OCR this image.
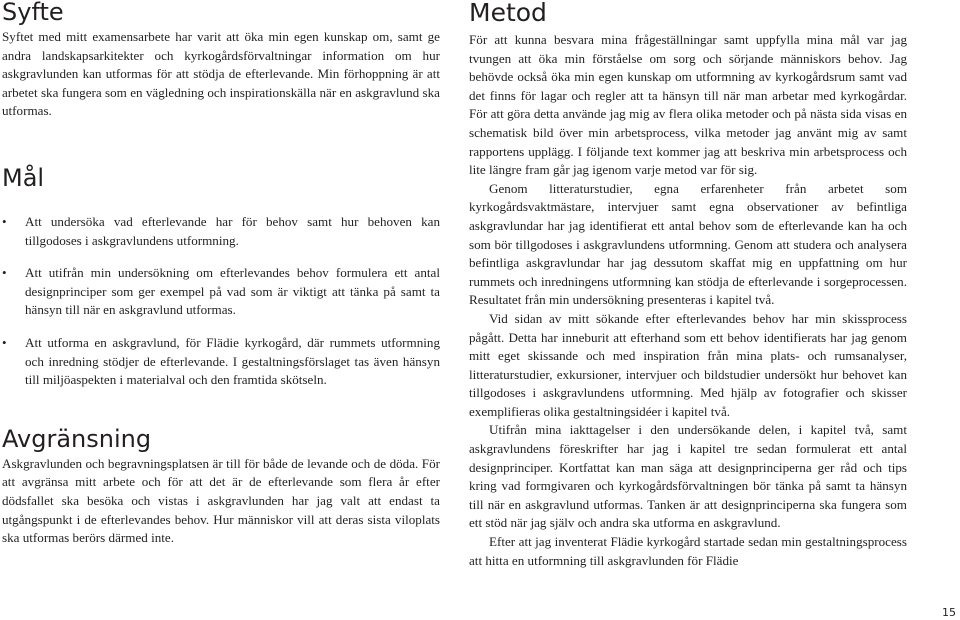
Syfte

Syftet med mitt examensarbete har varit att öka min egen kunskap om, samt ge andra landskapsarkitekter och kyrkogårdsförvaltningar information om hur askgravlunden kan utformas för att stödja de efterlevande. Min förhoppning är att arbetet ska fungera som en vägledning och inspirationskälla när en askgravlund ska utformas.

Mål
• Att undersöka vad efterlevande har för behov samt hur behoven kan tillgodoses i askgravlundens utformning.
• Att utifrån min undersökning om efterlevandes behov formulera ett antal designprinciper som ger exempel på vad som är viktigt att tänka på samt ta hänsyn till när en askgravlund utformas.
• Att utforma en askgravlund, för Flädie kyrkogård, där rummets utformning och inredning stödjer de efterlevande. I gestaltningsförslaget tas även hänsyn till miljöaspekten i materialval och den framtida skötseln.
Avgränsning

Askgravlunden och begravningsplatsen är till för både de levande och de döda. För att avgränsa mitt arbete och för att det är de efterlevande som flera år efter dödsfallet ska besöka och vistas i askgravlunden har jag valt att endast ta utgångspunkt i de efterlevandes behov. Hur människor vill att deras sista viloplats ska utformas berörs därmed inte.

Metod

För att kunna besvara mina frågeställningar samt uppfylla mina mål var jag tvungen att öka min förståelse om sorg och sörjande människors behov. Jag behövde också öka min egen kunskap om utformning av kyrkogårdsrum samt vad det finns för lagar och regler att ta hänsyn till när man arbetar med kyrkogårdar. För att göra detta använde jag mig av flera olika metoder och på nästa sida visas en schematisk bild över min arbetsprocess, vilka metoder jag använt mig av samt rapportens upplägg. I följande text kommer jag att beskriva min arbetsprocess och lite längre fram går jag igenom varje metod var för sig.

Genom litteraturstudier, egna erfarenheter från arbetet som kyrkogårdsvaktmästare, intervjuer samt egna observationer av befintliga askgravlundar har jag identifierat ett antal behov som de efterlevande kan ha och som bör tillgodoses i askgravlundens utformning. Genom att studera och analysera befintliga askgravlundar har jag dessutom skaffat mig en uppfattning om hur rummets och inredningens utformning kan stödja de efterlevande i sorgeprocessen. Resultatet från min undersökning presenteras i kapitel två.

Vid sidan av mitt sökande efter efterlevandes behov har min skissprocess pågått. Detta har inneburit att efterhand som ett behov identifierats har jag genom mitt eget skissande och med inspiration från mina plats- och rumsanalyser, litteraturstudier, exkursioner, intervjuer och bildstudier undersökt hur behovet kan tillgodoses i askgravlundens utformning. Med hjälp av fotografier och skisser exemplifieras olika gestaltningsidéer i kapitel två.

Utifrån mina iakttagelser i den undersökande delen, i kapitel två, samt askgravlundens föreskrifter har jag i kapitel tre sedan formulerat ett antal designprinciper. Kortfattat kan man säga att designprinciperna ger råd och tips kring vad formgivaren och kyrkogårdsförvaltningen bör tänka på samt ta hänsyn till när en askgravlund utformas. Tanken är att designprinciperna ska fungera som ett stöd när jag själv och andra ska utforma en askgravlund.

Efter att jag inventerat Flädie kyrkogård startade sedan min gestaltningsprocess att hitta en utformning till askgravlunden för Flädie

15
